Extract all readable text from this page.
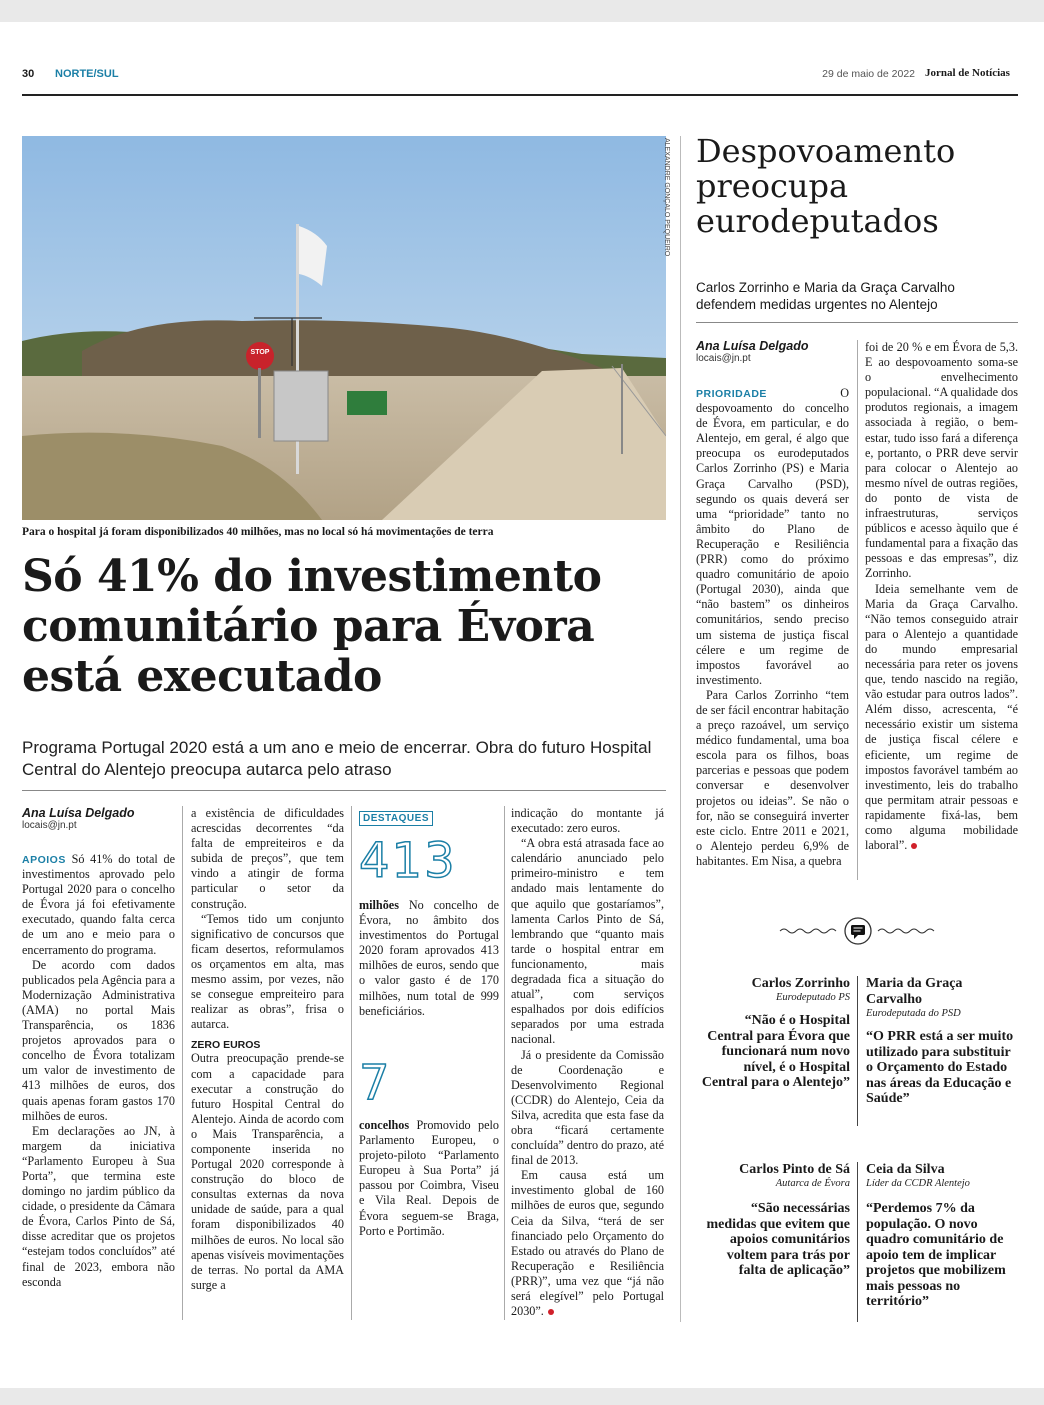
30 NORTE/SUL	29 de maio de 2022 Jornal de Notícias
STOP
ALEXANDRE GONÇALO PEQUEIRO
Para o hospital já foram disponibilizados 40 milhões, mas no local só há movimentações de terra
Só 41% do investimento comunitário para Évora está executado
Programa Portugal 2020 está a um ano e meio de encerrar. Obra do futuro Hospital Central do Alentejo preocupa autarca pelo atraso
Ana Luísa Delgado
locais@jn.pt

APOIOS Só 41% do total de investimentos aprovado pelo Portugal 2020 para o concelho de Évora já foi efetivamente executado, quando falta cerca de um ano e meio para o encerramento do programa.

De acordo com dados publicados pela Agência para a Modernização Administrativa (AMA) no portal Mais Transparência, os 1836 projetos aprovados para o concelho de Évora totalizam um valor de investimento de 413 milhões de euros, dos quais apenas foram gastos 170 milhões de euros.

Em declarações ao JN, à margem da iniciativa “Parlamento Europeu à Sua Porta”, que termina este domingo no jardim público da cidade, o presidente da Câmara de Évora, Carlos Pinto de Sá, disse acreditar que os projetos “estejam todos concluídos” até final de 2023, embora não esconda

a existência de dificuldades acrescidas decorrentes “da falta de empreiteiros e da subida de preços”, que tem vindo a atingir de forma particular o setor da construção.

“Temos tido um conjunto significativo de concursos que ficam desertos, reformulamos os orçamentos em alta, mas mesmo assim, por vezes, não se consegue empreiteiro para realizar as obras”, frisa o autarca.

ZERO EUROS

Outra preocupação prende-se com a capacidade para executar a construção do futuro Hospital Central do Alentejo. Ainda de acordo com o Mais Transparência, a componente inserida no Portugal 2020 corresponde à construção do bloco de consultas externas da nova unidade de saúde, para a qual foram disponibilizados 40 milhões de euros. No local são apenas visíveis movimentações de terras. No portal da AMA surge a

DESTAQUES
413

milhões No concelho de Évora, no âmbito dos investimentos do Portugal 2020 foram aprovados 413 milhões de euros, sendo que o valor gasto é de 170 milhões, num total de 999 beneficiários.

7

concelhos Promovido pelo Parlamento Europeu, o projeto-piloto “Parlamento Europeu à Sua Porta” já passou por Coimbra, Viseu e Vila Real. Depois de Évora seguem-se Braga, Porto e Portimão.

indicação do montante já executado: zero euros.

“A obra está atrasada face ao calendário anunciado pelo primeiro-ministro e tem andado mais lentamente do que aquilo que gostaríamos”, lamenta Carlos Pinto de Sá, lembrando que “quanto mais tarde o hospital entrar em funcionamento, mais degradada fica a situação do atual”, com serviços espalhados por dois edifícios separados por uma estrada nacional.

Já o presidente da Comissão de Coordenação e Desenvolvimento Regional (CCDR) do Alentejo, Ceia da Silva, acredita que esta fase da obra “ficará certamente concluída” dentro do prazo, até final de 2013.

Em causa está um investimento global de 160 milhões de euros que, segundo Ceia da Silva, “terá de ser financiado pelo Orçamento do Estado ou através do Plano de Recuperação e Resiliência (PRR)”, uma vez que “já não será elegível” pelo Portugal 2030”.

Despovoamento preocupa eurodeputados
Carlos Zorrinho e Maria da Graça Carvalho defendem medidas urgentes no Alentejo
Ana Luísa Delgado
locais@jn.pt

PRIORIDADE	O despovoamento do concelho de Évora, em particular, e do Alentejo, em geral, é algo que preocupa os eurodeputados Carlos Zorrinho (PS) e Maria Graça Carvalho (PSD), segundo os quais deverá ser uma “prioridade” tanto no âmbito do Plano de Recuperação e Resiliência (PRR) como do próximo quadro comunitário de apoio (Portugal 2030), ainda que “não bastem” os dinheiros comunitários, sendo preciso um sistema de justiça fiscal célere e um regime de impostos favorável ao investimento.

Para Carlos Zorrinho “tem de ser fácil encontrar habitação a preço razoável, um serviço médico fundamental, uma boa escola para os filhos, boas parcerias e pessoas que podem conversar e desenvolver projetos ou ideias”. Se não o for, não se conseguirá inverter este ciclo. Entre 2011 e 2021, o Alentejo perdeu 6,9% de habitantes. Em Nisa, a quebra

foi de 20 % e em Évora de 5,3. E ao despovoamento soma-se o envelhecimento populacional. “A qualidade dos produtos regionais, a imagem associada à região, o bem-estar, tudo isso fará a diferença e, portanto, o PRR deve servir para colocar o Alentejo ao mesmo nível de outras regiões, do ponto de vista de infraestruturas, serviços públicos e acesso àquilo que é fundamental para a fixação das pessoas e das empresas”, diz Zorrinho.

Ideia semelhante vem de Maria da Graça Carvalho. “Não temos conseguido atrair para o Alentejo a quantidade do mundo empresarial necessária para reter os jovens que, tendo nascido na região, vão estudar para outros lados”. Além disso, acrescenta, “é necessário existir um sistema de justiça fiscal célere e eficiente, um regime de impostos favorável também ao investimento, leis do trabalho que permitam atrair pessoas e rapidamente fixá-las, bem como alguma mobilidade laboral”.

Carlos Zorrinho
Eurodeputado PS
“Não é o Hospital Central para Évora que funcionará num novo nível, é o Hospital Central para o Alentejo”
Maria da Graça Carvalho
Eurodeputada do PSD
“O PRR está a ser muito utilizado para substituir o Orçamento do Estado nas áreas da Educação e Saúde”
Carlos Pinto de Sá
Autarca de Évora
“São necessárias medidas que evitem que apoios comunitários voltem para trás por falta de aplicação”
Ceia da Silva
Líder da CCDR Alentejo
“Perdemos 7% da população. O novo quadro comunitário de apoio tem de implicar projetos que mobilizem mais pessoas no território”
